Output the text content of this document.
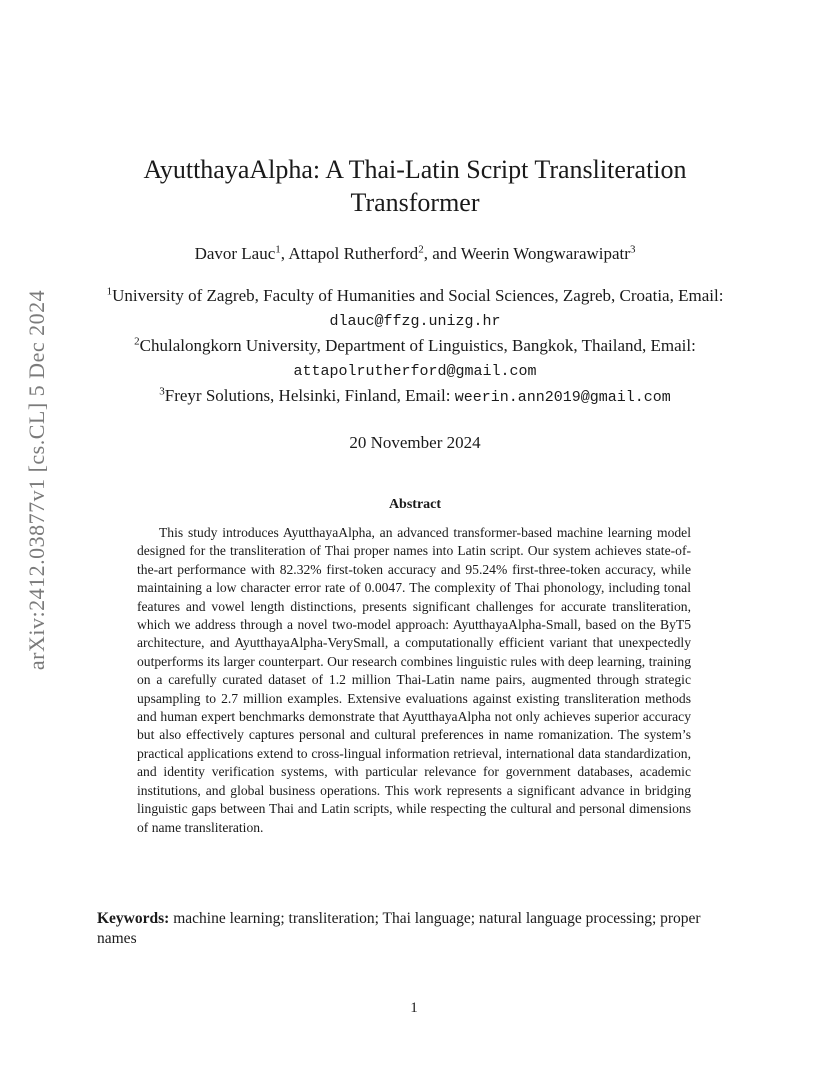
arXiv:2412.03877v1 [cs.CL] 5 Dec 2024
AyutthayaAlpha: A Thai-Latin Script Transliteration Transformer
Davor Lauc$^1$, Attapol Rutherford$^2$, and Weerin Wongwarawipatr$^3$
$^1$University of Zagreb, Faculty of Humanities and Social Sciences, Zagreb, Croatia, Email: dlauc@ffzg.unizg.hr
$^2$Chulalongkorn University, Department of Linguistics, Bangkok, Thailand, Email: attapolrutherford@gmail.com
$^3$Freyr Solutions, Helsinki, Finland, Email: weerin.ann2019@gmail.com
20 November 2024
Abstract
This study introduces AyutthayaAlpha, an advanced transformer-based machine learning model designed for the transliteration of Thai proper names into Latin script. Our system achieves state-of-the-art performance with 82.32% first-token accuracy and 95.24% first-three-token accuracy, while maintaining a low character error rate of 0.0047. The complexity of Thai phonology, including tonal features and vowel length distinctions, presents significant challenges for accurate transliteration, which we address through a novel two-model approach: AyutthayaAlpha-Small, based on the ByT5 architecture, and AyutthayaAlpha-VerySmall, a computationally efficient variant that unexpectedly outperforms its larger counterpart. Our research combines linguistic rules with deep learning, training on a carefully curated dataset of 1.2 million Thai-Latin name pairs, augmented through strategic upsampling to 2.7 million examples. Extensive evaluations against existing transliteration methods and human expert benchmarks demonstrate that AyutthayaAlpha not only achieves superior accuracy but also effectively captures personal and cultural preferences in name romanization. The system’s practical applications extend to cross-lingual information retrieval, international data standardization, and identity verification systems, with particular relevance for government databases, academic institutions, and global business operations. This work represents a significant advance in bridging linguistic gaps between Thai and Latin scripts, while respecting the cultural and personal dimensions of name transliteration.
Keywords: machine learning; transliteration; Thai language; natural language processing; proper names
1
